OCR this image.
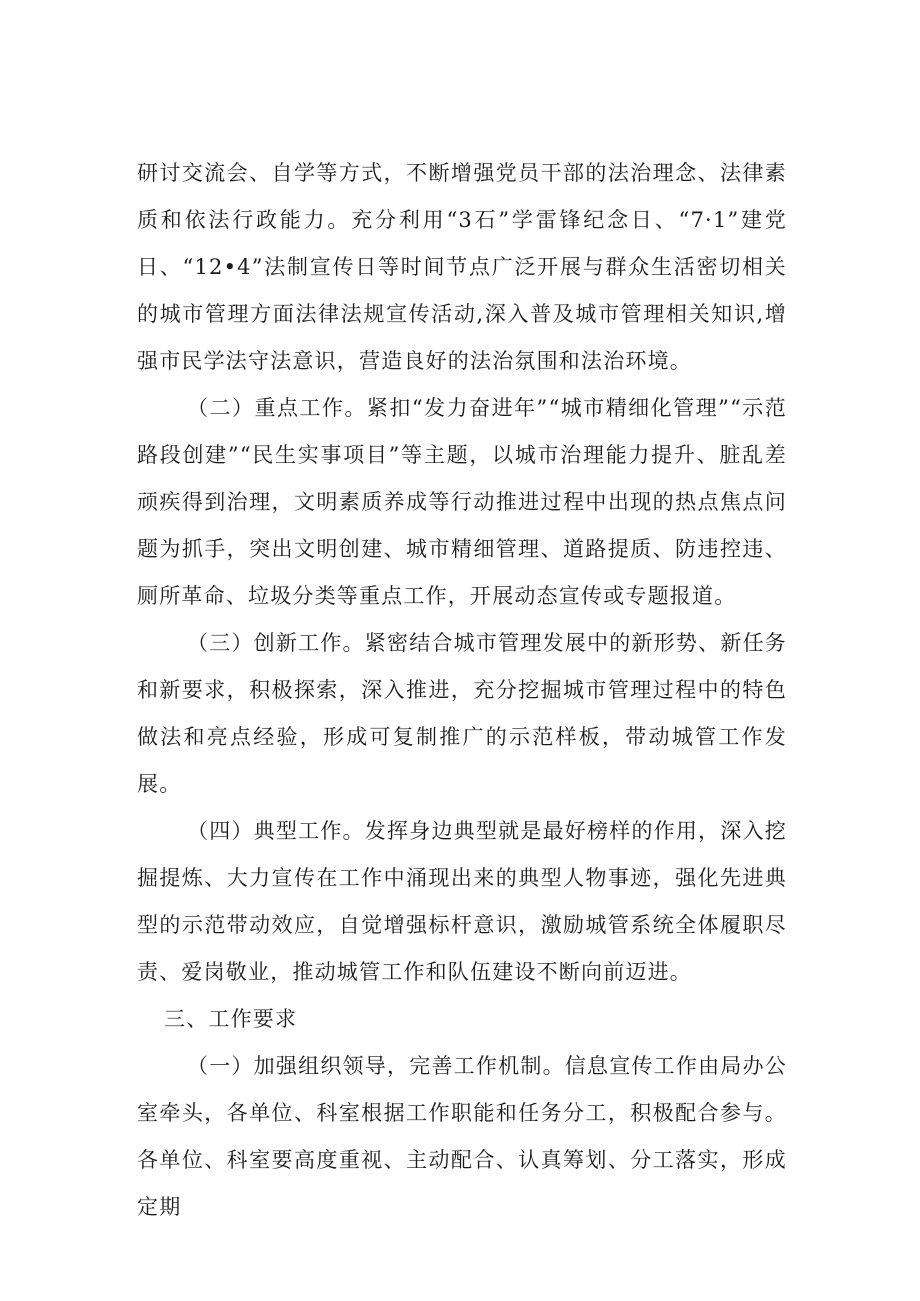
研讨交流会、自学等方式，不断增强党员干部的法治理念、法律素质和依法行政能力。充分利用“3石”学雷锋纪念日、“7·1”建党日、“12•4”法制宣传日等时间节点广泛开展与群众生活密切相关的城市管理方面法律法规宣传活动,深入普及城市管理相关知识,增强市民学法守法意识，营造良好的法治氛围和法治环境。

（二）重点工作。紧扣“发力奋进年”“城市精细化管理”“示范路段创建”“民生实事项目”等主题，以城市治理能力提升、脏乱差顽疾得到治理，文明素质养成等行动推进过程中出现的热点焦点问题为抓手，突出文明创建、城市精细管理、道路提质、防违控违、厕所革命、垃圾分类等重点工作，开展动态宣传或专题报道。

（三）创新工作。紧密结合城市管理发展中的新形势、新任务和新要求，积极探索，深入推进，充分挖掘城市管理过程中的特色做法和亮点经验，形成可复制推广的示范样板，带动城管工作发展。

（四）典型工作。发挥身边典型就是最好榜样的作用，深入挖掘提炼、大力宣传在工作中涌现出来的典型人物事迹，强化先进典型的示范带动效应，自觉增强标杆意识，激励城管系统全体履职尽责、爱岗敬业，推动城管工作和队伍建设不断向前迈进。

三、工作要求

（一）加强组织领导，完善工作机制。信息宣传工作由局办公室牵头，各单位、科室根据工作职能和任务分工，积极配合参与。各单位、科室要高度重视、主动配合、认真筹划、分工落实，形成定期
